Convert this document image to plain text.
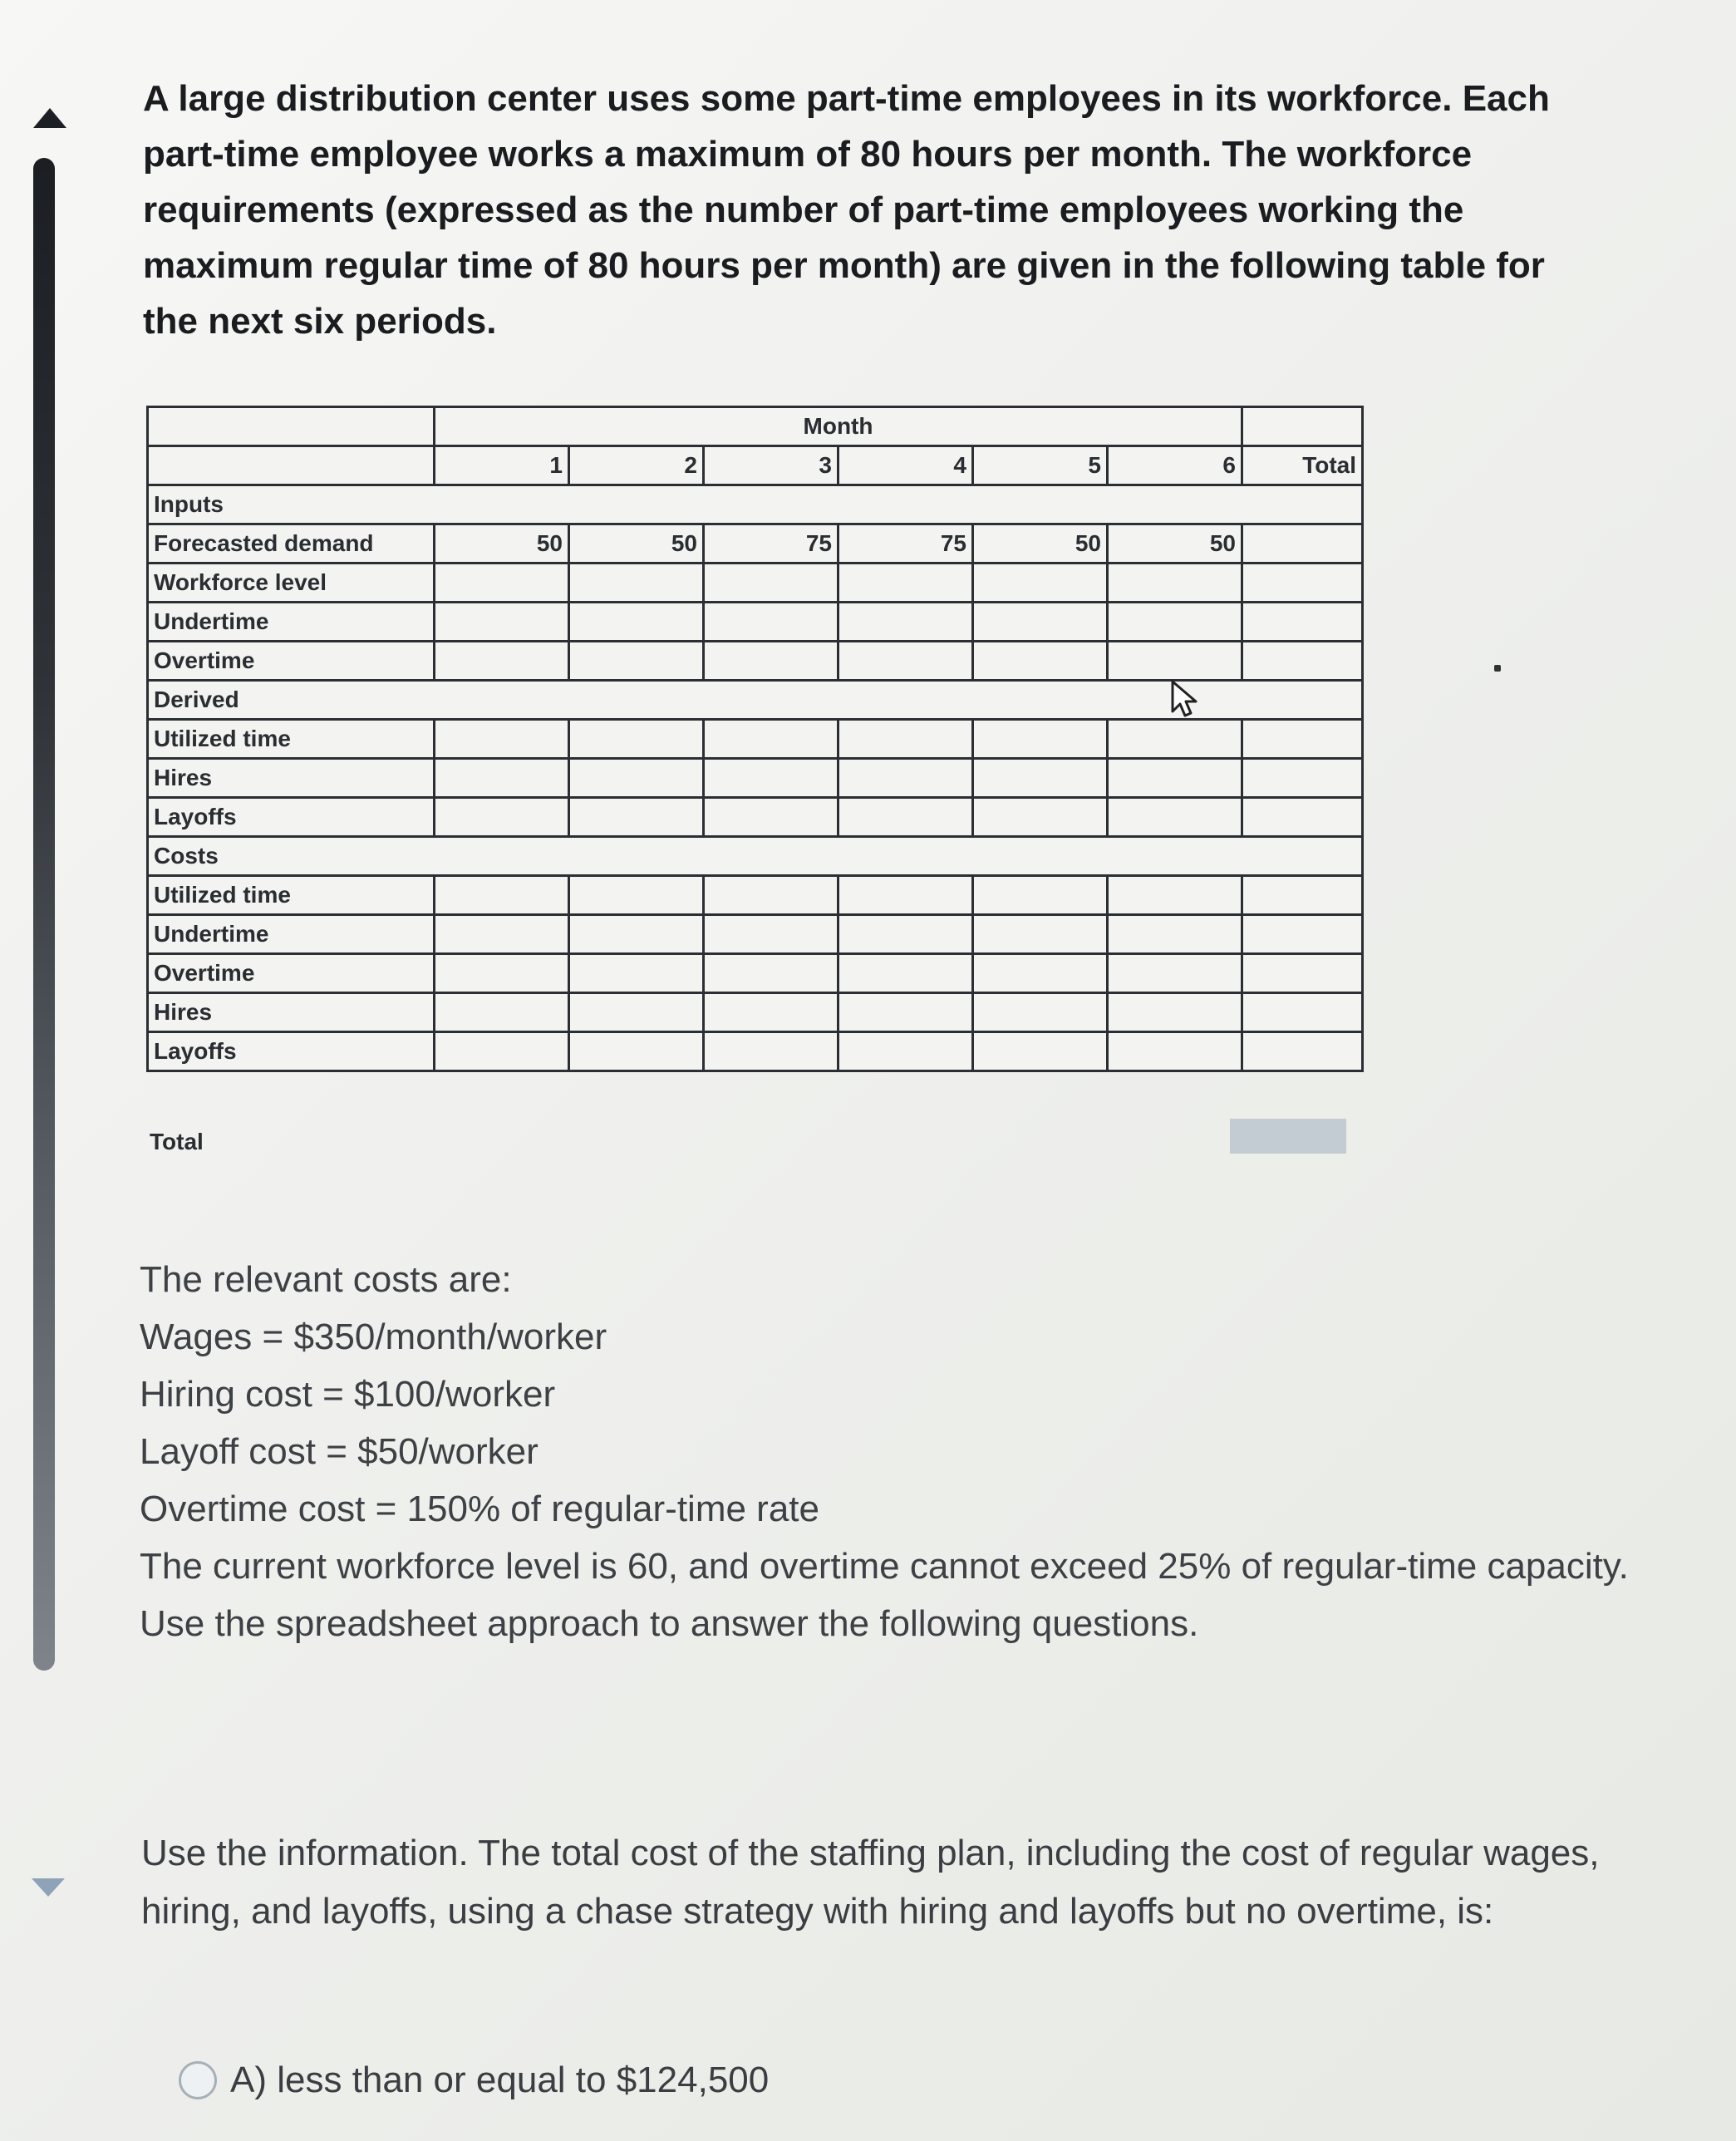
A large distribution center uses some part-time employees in its workforce. Each part-time employee works a maximum of 80 hours per month. The workforce requirements (expressed as the number of part-time employees working the maximum regular time of 80 hours per month) are given in the following table for the next six periods.

	Month						
	1	2	3	4	5	6	Total
Inputs							
Forecasted demand	50	50	75	75	50	50	
Workforce level							
Undertime							
Overtime							
Derived							
Utilized time							
Hires							
Layoffs							
Costs							
Utilized time							
Undertime							
Overtime							
Hires							
Layoffs							
Total
The relevant costs are:
Wages = $350/month/worker
Hiring cost = $100/worker
Layoff cost = $50/worker
Overtime cost = 150% of regular-time rate
The current workforce level is 60, and overtime cannot exceed 25% of regular-time capacity.
Use the spreadsheet approach to answer the following questions.

Use the information. The total cost of the staffing plan, including the cost of regular wages, hiring, and layoffs, using a chase strategy with hiring and layoffs but no overtime, is:

A) less than or equal to $124,500
